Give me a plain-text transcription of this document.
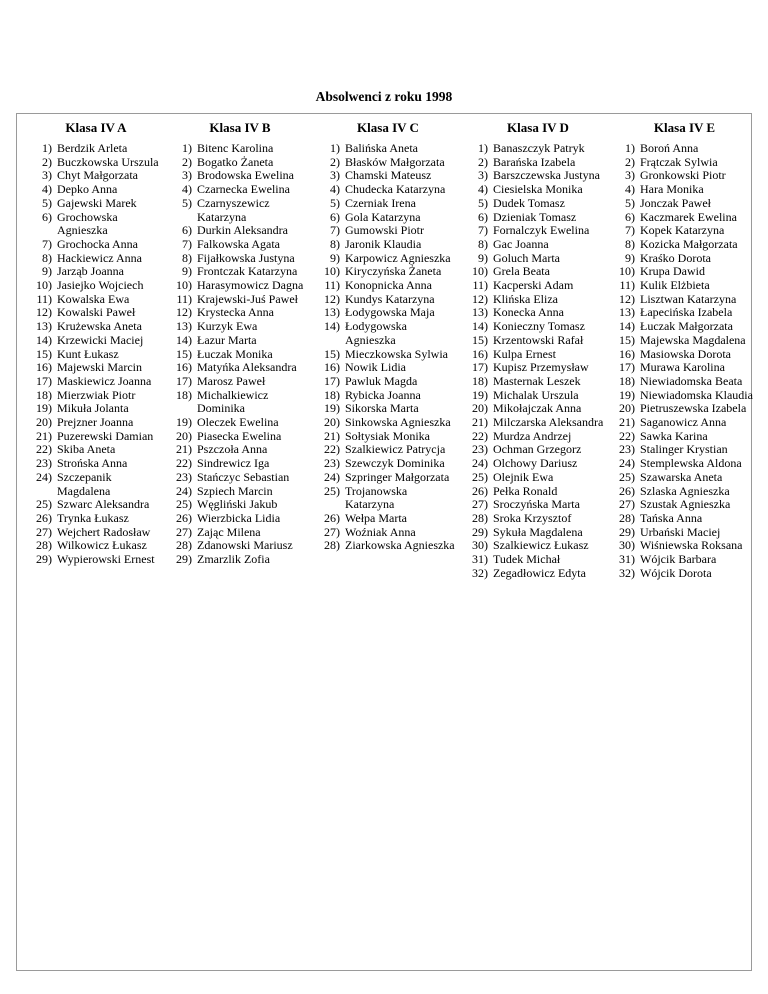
Absolwenci z roku 1998
Klasa IV A
1) Berdzik Arleta
2) Buczkowska Urszula
3) Chyt Małgorzata
4) Depko Anna
5) Gajewski Marek
6) Grochowska Agnieszka
7) Grochocka Anna
8) Hackiewicz Anna
9) Jarząb Joanna
10) Jasiejko Wojciech
11) Kowalska Ewa
12) Kowalski Paweł
13) Krużewska Aneta
14) Krzewicki Maciej
15) Kunt Łukasz
16) Majewski Marcin
17) Maskiewicz Joanna
18) Mierzwiak Piotr
19) Mikuła Jolanta
20) Prejzner Joanna
21) Puzerewski Damian
22) Skiba Aneta
23) Strońska Anna
24) Szczepanik Magdalena
25) Szwarc Aleksandra
26) Trynka Łukasz
27) Wejchert Radosław
28) Wilkowicz Łukasz
29) Wypierowski Ernest
Klasa IV B
1) Bitenc Karolina
2) Bogatko Żaneta
3) Brodowska Ewelina
4) Czarnecka Ewelina
5) Czarnyszewicz Katarzyna
6) Durkin Aleksandra
7) Falkowska Agata
8) Fijałkowska Justyna
9) Frontczak Katarzyna
10) Harasymowicz Dagna
11) Krajewski-Juś Paweł
12) Krystecka Anna
13) Kurzyk Ewa
14) Łazur Marta
15) Łuczak Monika
16) Matyńka Aleksandra
17) Marosz Paweł
18) Michalkiewicz Dominika
19) Oleczek Ewelina
20) Piasecka Ewelina
21) Pszczoła Anna
22) Sindrewicz Iga
23) Stańczyc Sebastian
24) Szpiech Marcin
25) Węgliński Jakub
26) Wierzbicka Lidia
27) Zając Milena
28) Zdanowski Mariusz
29) Zmarzlik Zofia
Klasa IV C
1) Balińska Aneta
2) Błasków Małgorzata
3) Chamski Mateusz
4) Chudecka Katarzyna
5) Czerniak Irena
6) Gola Katarzyna
7) Gumowski Piotr
8) Jaronik Klaudia
9) Karpowicz Agnieszka
10) Kiryczyńska Żaneta
11) Konopnicka Anna
12) Kundys Katarzyna
13) Łodygowska Maja
14) Łodygowska Agnieszka
15) Mieczkowska Sylwia
16) Nowik Lidia
17) Pawluk Magda
18) Rybicka Joanna
19) Sikorska Marta
20) Sinkowska Agnieszka
21) Sołtysiak Monika
22) Szalkiewicz Patrycja
23) Szewczyk Dominika
24) Szpringer Małgorzata
25) Trojanowska Katarzyna
26) Wełpa Marta
27) Woźniak Anna
28) Ziarkowska Agnieszka
Klasa IV D
1) Banaszczyk Patryk
2) Barańska Izabela
3) Barszczewska Justyna
4) Ciesielska Monika
5) Dudek Tomasz
6) Dzieniak Tomasz
7) Fornalczyk Ewelina
8) Gac Joanna
9) Goluch Marta
10) Grela Beata
11) Kacperski Adam
12) Klińska Eliza
13) Konecka Anna
14) Konieczny Tomasz
15) Krzentowski Rafał
16) Kulpa Ernest
17) Kupisz Przemysław
18) Masternak Leszek
19) Michalak Urszula
20) Mikołajczak Anna
21) Milczarska Aleksandra
22) Murdza Andrzej
23) Ochman Grzegorz
24) Olchowy Dariusz
25) Olejnik Ewa
26) Pełka Ronald
27) Sroczyńska Marta
28) Sroka Krzysztof
29) Sykuła Magdalena
30) Szalkiewicz Łukasz
31) Tudek Michał
32) Zegadłowicz Edyta
Klasa IV E
1) Boroń Anna
2) Frątczak Sylwia
3) Gronkowski Piotr
4) Hara Monika
5) Jonczak Paweł
6) Kaczmarek Ewelina
7) Kopek Katarzyna
8) Kozicka Małgorzata
9) Kraśko Dorota
10) Krupa Dawid
11) Kulik Elżbieta
12) Lisztwan Katarzyna
13) Łapecińska Izabela
14) Łuczak Małgorzata
15) Majewska Magdalena
16) Masiowska Dorota
17) Murawa Karolina
18) Niewiadomska Beata
19) Niewiadomska Klaudia
20) Pietruszewska Izabela
21) Saganowicz Anna
22) Sawka Karina
23) Stalinger Krystian
24) Stemplewska Aldona
25) Szawarska Aneta
26) Szlaska Agnieszka
27) Szustak Agnieszka
28) Tańska Anna
29) Urbański Maciej
30) Wiśniewska Roksana
31) Wójcik Barbara
32) Wójcik Dorota
